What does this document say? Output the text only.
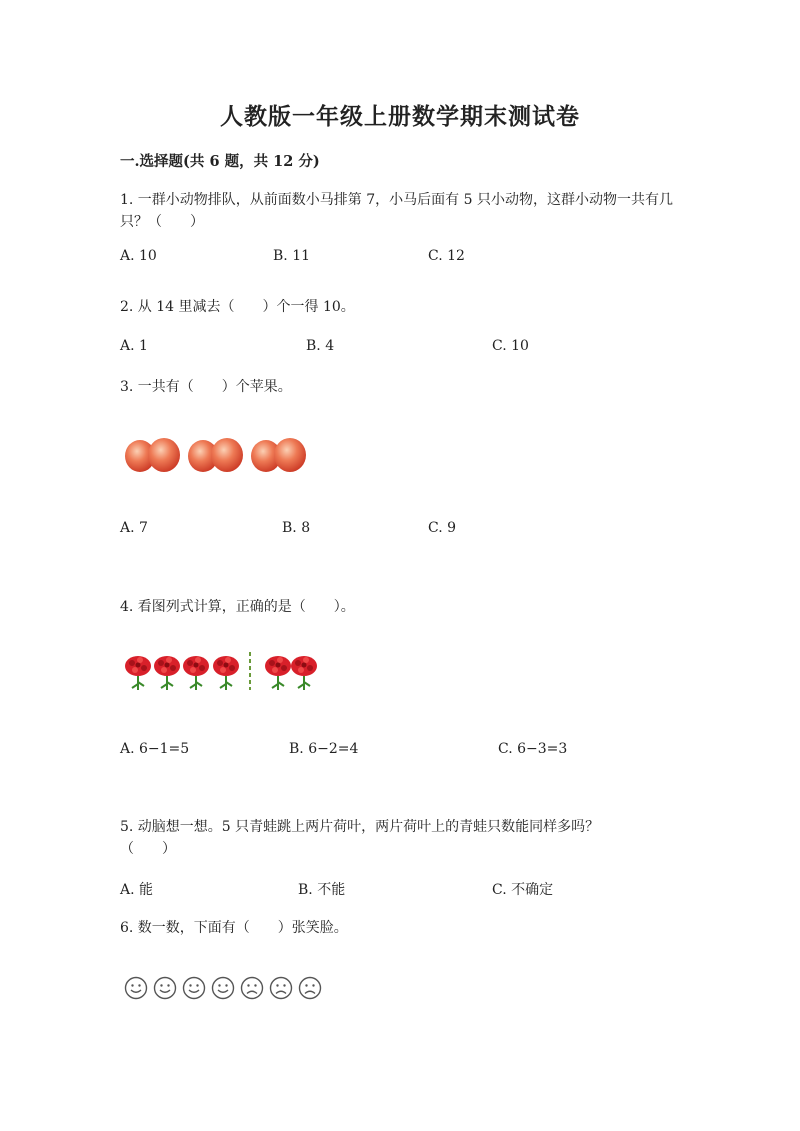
人教版一年级上册数学期末测试卷
一.选择题(共 6 题，共 12 分)
1. 一群小动物排队，从前面数小马排第 7，小马后面有 5 只小动物，这群小动物一共有几
只？（　　）
A. 10	B. 11	C. 12
2. 从 14 里减去（　　）个一得 10。
A. 1	B. 4	C. 10
3. 一共有（　　）个苹果。
A. 7	B. 8	C. 9
4. 看图列式计算，正确的是（　　）。
A. 6−1=5	B. 6−2=4	C. 6−3=3
5. 动脑想一想。5 只青蛙跳上两片荷叶，两片荷叶上的青蛙只数能同样多吗？
（　　）
A. 能	B. 不能	C. 不确定
6. 数一数，下面有（　　）张笑脸。
